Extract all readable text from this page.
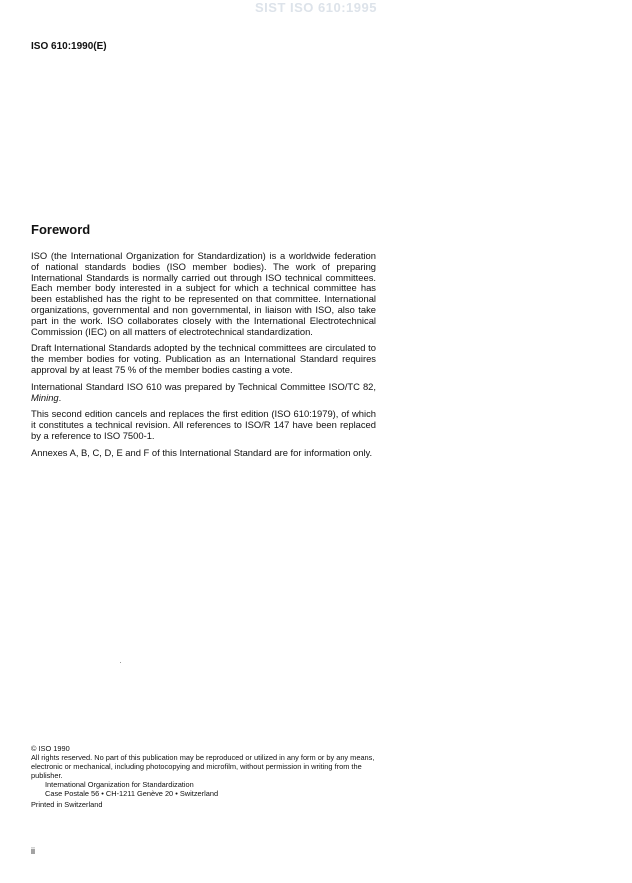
SIST ISO 610:1995
ISO 610:1990(E)
Foreword

ISO (the International Organization for Standardization) is a worldwide federation of national standards bodies (ISO member bodies). The work of preparing International Standards is normally carried out through ISO technical committees. Each member body interested in a subject for which a technical committee has been established has the right to be represented on that committee. International organizations, governmental and non governmental, in liaison with ISO, also take part in the work. ISO collaborates closely with the International Electrotechnical Commission (IEC) on all matters of electrotechnical standardization.

Draft International Standards adopted by the technical committees are circulated to the member bodies for voting. Publication as an International Standard requires approval by at least 75 % of the member bodies casting a vote.

International Standard ISO 610 was prepared by Technical Committee ISO/TC 82, Mining.

This second edition cancels and replaces the first edition (ISO 610:1979), of which it constitutes a technical revision. All references to ISO/R 147 have been replaced by a reference to ISO 7500-1.

Annexes A, B, C, D, E and F of this International Standard are for information only.

© ISO 1990
All rights reserved. No part of this publication may be reproduced or utilized in any form or by any means, electronic or mechanical, including photocopying and microfilm, without permission in writing from the publisher.
International Organization for Standardization
Case Postale 56 • CH-1211 Genève 20 • Switzerland
Printed in Switzerland
ii
